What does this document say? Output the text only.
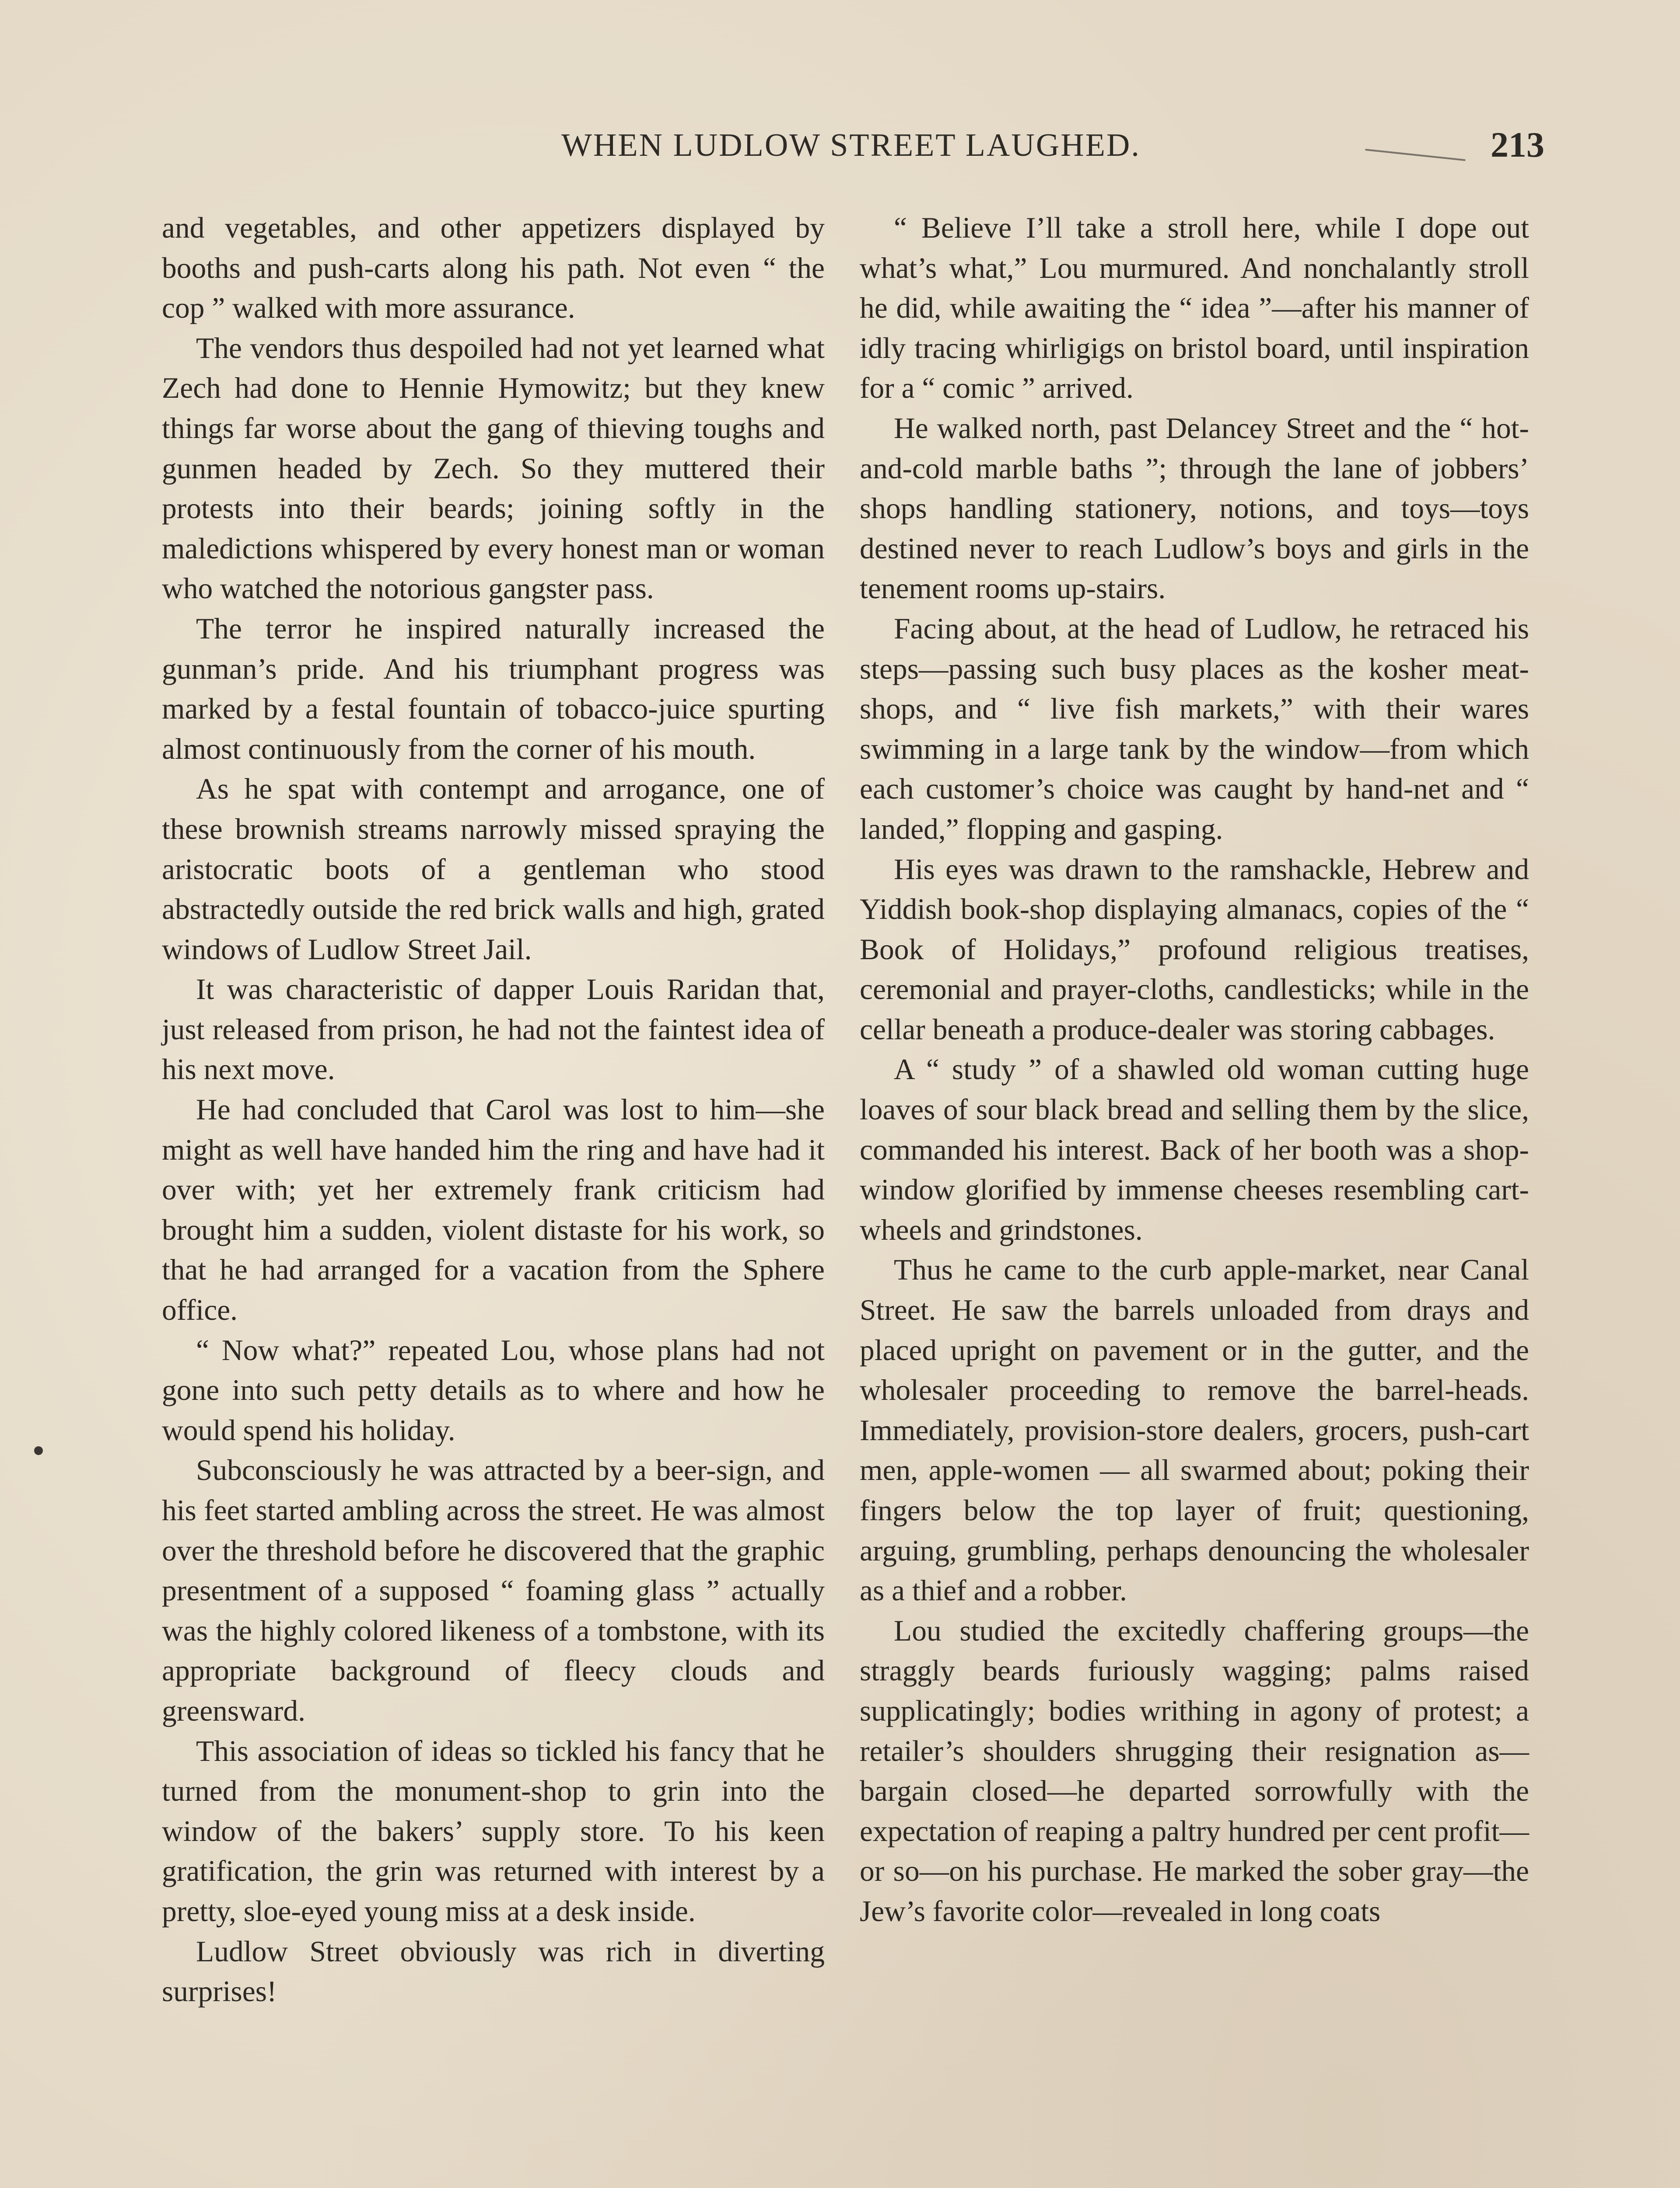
WHEN LUDLOW STREET LAUGHED.	213

and vegetables, and other appetizers displayed by booths and push-carts along his path. Not even “ the cop ” walked with more assurance.

The vendors thus despoiled had not yet learned what Zech had done to Hennie Hymowitz; but they knew things far worse about the gang of thieving toughs and gunmen headed by Zech. So they muttered their protests into their beards; joining softly in the maledictions whispered by every honest man or woman who watched the notorious gangster pass.

The terror he inspired naturally increased the gunman’s pride. And his triumphant progress was marked by a festal fountain of tobacco-juice spurting almost continuously from the corner of his mouth.

As he spat with contempt and arrogance, one of these brownish streams narrowly missed spraying the aristocratic boots of a gentleman who stood abstractedly outside the red brick walls and high, grated windows of Ludlow Street Jail.

It was characteristic of dapper Louis Raridan that, just released from prison, he had not the faintest idea of his next move.

He had concluded that Carol was lost to him—she might as well have handed him the ring and have had it over with; yet her extremely frank criticism had brought him a sudden, violent distaste for his work, so that he had arranged for a vacation from the Sphere office.

“ Now what?” repeated Lou, whose plans had not gone into such petty details as to where and how he would spend his holiday.

Subconsciously he was attracted by a beer-sign, and his feet started ambling across the street. He was almost over the threshold before he discovered that the graphic presentment of a supposed “ foaming glass ” actually was the highly colored likeness of a tombstone, with its appropriate background of fleecy clouds and greensward.

This association of ideas so tickled his fancy that he turned from the monument-shop to grin into the window of the bakers’ supply store. To his keen gratification, the grin was returned with interest by a pretty, sloe-eyed young miss at a desk inside.

Ludlow Street obviously was rich in diverting surprises!

“ Believe I’ll take a stroll here, while I dope out what’s what,” Lou murmured. And nonchalantly stroll he did, while awaiting the “ idea ”—after his manner of idly tracing whirligigs on bristol board, until inspiration for a “ comic ” arrived.

He walked north, past Delancey Street and the “ hot-and-cold marble baths ”; through the lane of jobbers’ shops handling stationery, notions, and toys—toys destined never to reach Ludlow’s boys and girls in the tenement rooms up-stairs.

Facing about, at the head of Ludlow, he retraced his steps—passing such busy places as the kosher meat-shops, and “ live fish markets,” with their wares swimming in a large tank by the window—from which each customer’s choice was caught by hand-net and “ landed,” flopping and gasping.

His eyes was drawn to the ramshackle, Hebrew and Yiddish book-shop displaying almanacs, copies of the “ Book of Holidays,” profound religious treatises, ceremonial and prayer-cloths, candlesticks; while in the cellar beneath a produce-dealer was storing cabbages.

A “ study ” of a shawled old woman cutting huge loaves of sour black bread and selling them by the slice, commanded his interest. Back of her booth was a shop-window glorified by immense cheeses resembling cart-wheels and grindstones.

Thus he came to the curb apple-market, near Canal Street. He saw the barrels unloaded from drays and placed upright on pavement or in the gutter, and the wholesaler proceeding to remove the barrel-heads. Immediately, provision-store dealers, grocers, push-cart men, apple-women — all swarmed about; poking their fingers below the top layer of fruit; questioning, arguing, grumbling, perhaps denouncing the wholesaler as a thief and a robber.

Lou studied the excitedly chaffering groups—the straggly beards furiously wagging; palms raised supplicatingly; bodies writhing in agony of protest; a retailer’s shoulders shrugging their resignation as—bargain closed—he departed sorrowfully with the expectation of reaping a paltry hundred per cent profit—or so—on his purchase. He marked the sober gray—the Jew’s favorite color—revealed in long coats
